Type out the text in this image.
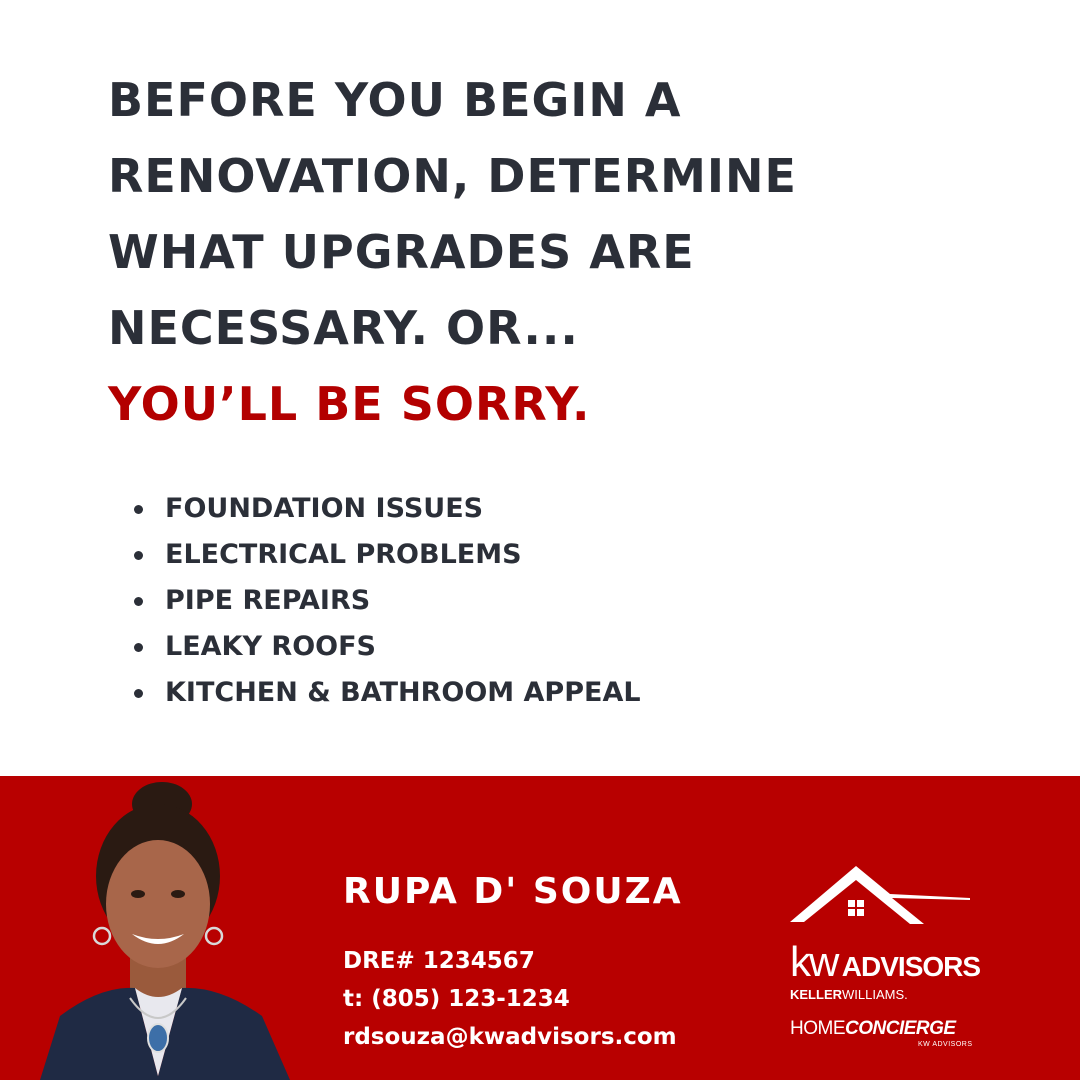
BEFORE YOU BEGIN A
RENOVATION, DETERMINE
WHAT UPGRADES ARE
NECESSARY. OR...
YOU’LL BE SORRY.
FOUNDATION ISSUES
ELECTRICAL PROBLEMS
PIPE REPAIRS
LEAKY ROOFS
KITCHEN & BATHROOM APPEAL
RUPA D' SOUZA
DRE# 1234567
t: (805) 123-1234
rdsouza@kwadvisors.com
kw ADVISORS
KELLERWILLIAMS.
HOMECONCIERGE
KW ADVISORS
